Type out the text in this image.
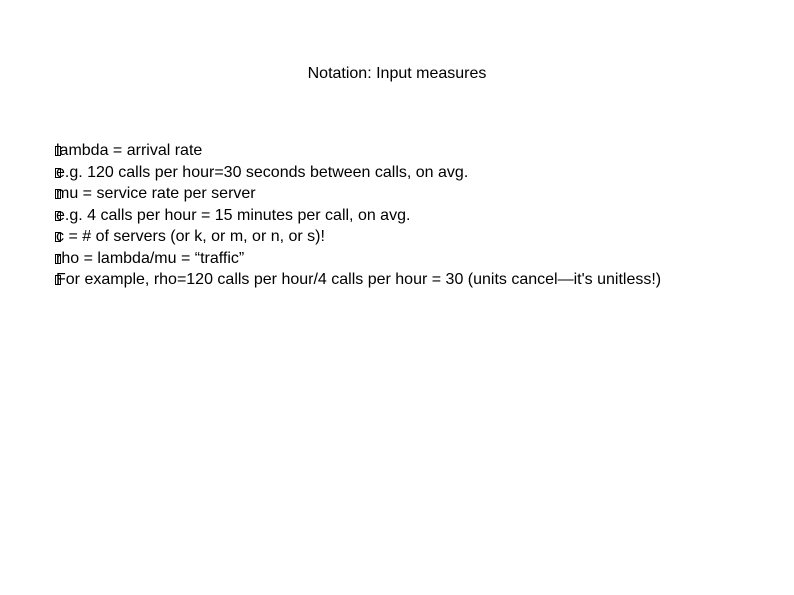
Notation: Input measures
lambda = arrival rate
e.g. 120 calls per hour=30 seconds between calls, on avg.
mu = service rate per server
e.g. 4 calls per hour = 15 minutes per call, on avg.
c = # of servers (or k, or m, or n, or s)!
rho = lambda/mu = “traffic”
For example, rho=120 calls per hour/4 calls per hour = 30 (units cancel—it's unitless!)
